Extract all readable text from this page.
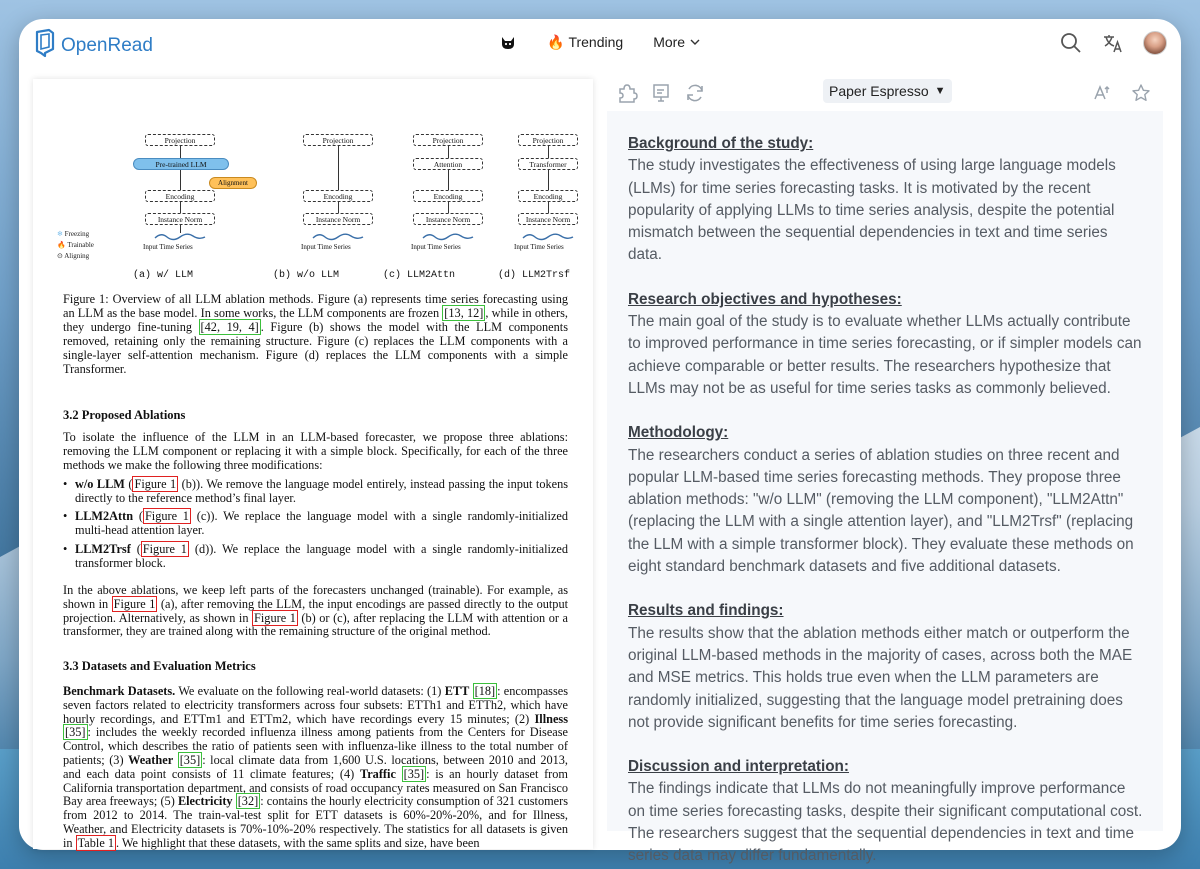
OpenRead	🔥 Trending More
❄ Freezing
🔥 Trainable
⊙ Aligning
Projection
Pre-trained LLM
Alignment
Encoding
Instance Norm
Input Time Series
Projection
Encoding
Instance Norm
Input Time Series
Projection
Attention
Encoding
Instance Norm
Input Time Series
Projection
Transformer
Encoding
Instance Norm
Input Time Series
(a) w/ LLM	(b) w/o LLM	(c) LLM2Attn	(d) LLM2Trsf
Figure 1: Overview of all LLM ablation methods. Figure (a) represents time series forecasting using an LLM as the base model. In some works, the LLM components are frozen [13, 12] , while in others, they undergo fine-tuning [42, 19, 4] . Figure (b) shows the model with the LLM components removed, retaining only the remaining structure. Figure (c) replaces the LLM components with a single-layer self-attention mechanism. Figure (d) replaces the LLM components with a simple Transformer.
3.2 Proposed Ablations
To isolate the influence of the LLM in an LLM-based forecaster, we propose three ablations: removing the LLM component or replacing it with a simple block. Specifically, for each of the three methods we make the following three modifications:
• w/o LLM ( Figure 1 (b)). We remove the language model entirely, instead passing the input tokens directly to the reference method’s final layer.
• LLM2Attn ( Figure 1 (c)). We replace the language model with a single randomly-initialized multi-head attention layer.
• LLM2Trsf ( Figure 1 (d)). We replace the language model with a single randomly-initialized transformer block.
In the above ablations, we keep left parts of the forecasters unchanged (trainable). For example, as shown in Figure 1 (a), after removing the LLM, the input encodings are passed directly to the output projection. Alternatively, as shown in Figure 1 (b) or (c), after replacing the LLM with attention or a transformer, they are trained along with the remaining structure of the original method.
3.3 Datasets and Evaluation Metrics
Benchmark Datasets. We evaluate on the following real-world datasets: (1) ETT [18] : encompasses seven factors related to electricity transformers across four subsets: ETTh1 and ETTh2, which have hourly recordings, and ETTm1 and ETTm2, which have recordings every 15 minutes; (2) Illness [35] : includes the weekly recorded influenza illness among patients from the Centers for Disease Control, which describes the ratio of patients seen with influenza-like illness to the total number of patients; (3) Weather [35] : local climate data from 1,600 U.S. locations, between 2010 and 2013, and each data point consists of 11 climate features; (4) Traffic [35] : is an hourly dataset from California transportation department, and consists of road occupancy rates measured on San Francisco Bay area freeways; (5) Electricity [32] : contains the hourly electricity consumption of 321 customers from 2012 to 2014. The train-val-test split for ETT datasets is 60%-20%-20%, and for Illness, Weather, and Electricity datasets is 70%-10%-20% respectively. The statistics for all datasets is given in Table 1 . We highlight that these datasets, with the same splits and size, have been
Paper Espresso ▼
Background of the study:
The study investigates the effectiveness of using large language models (LLMs) for time series forecasting tasks. It is motivated by the recent popularity of applying LLMs to time series analysis, despite the potential mismatch between the sequential dependencies in text and time series data.
Research objectives and hypotheses:
The main goal of the study is to evaluate whether LLMs actually contribute to improved performance in time series forecasting, or if simpler models can achieve comparable or better results. The researchers hypothesize that LLMs may not be as useful for time series tasks as commonly believed.
Methodology:
The researchers conduct a series of ablation studies on three recent and popular LLM-based time series forecasting methods. They propose three ablation methods: "w/o LLM" (removing the LLM component), "LLM2Attn" (replacing the LLM with a single attention layer), and "LLM2Trsf" (replacing the LLM with a simple transformer block). They evaluate these methods on eight standard benchmark datasets and five additional datasets.
Results and findings:
The results show that the ablation methods either match or outperform the original LLM-based methods in the majority of cases, across both the MAE and MSE metrics. This holds true even when the LLM parameters are randomly initialized, suggesting that the language model pretraining does not provide significant benefits for time series forecasting.
Discussion and interpretation:
The findings indicate that LLMs do not meaningfully improve performance on time series forecasting tasks, despite their significant computational cost. The researchers suggest that the sequential dependencies in text and time series data may differ fundamentally.
